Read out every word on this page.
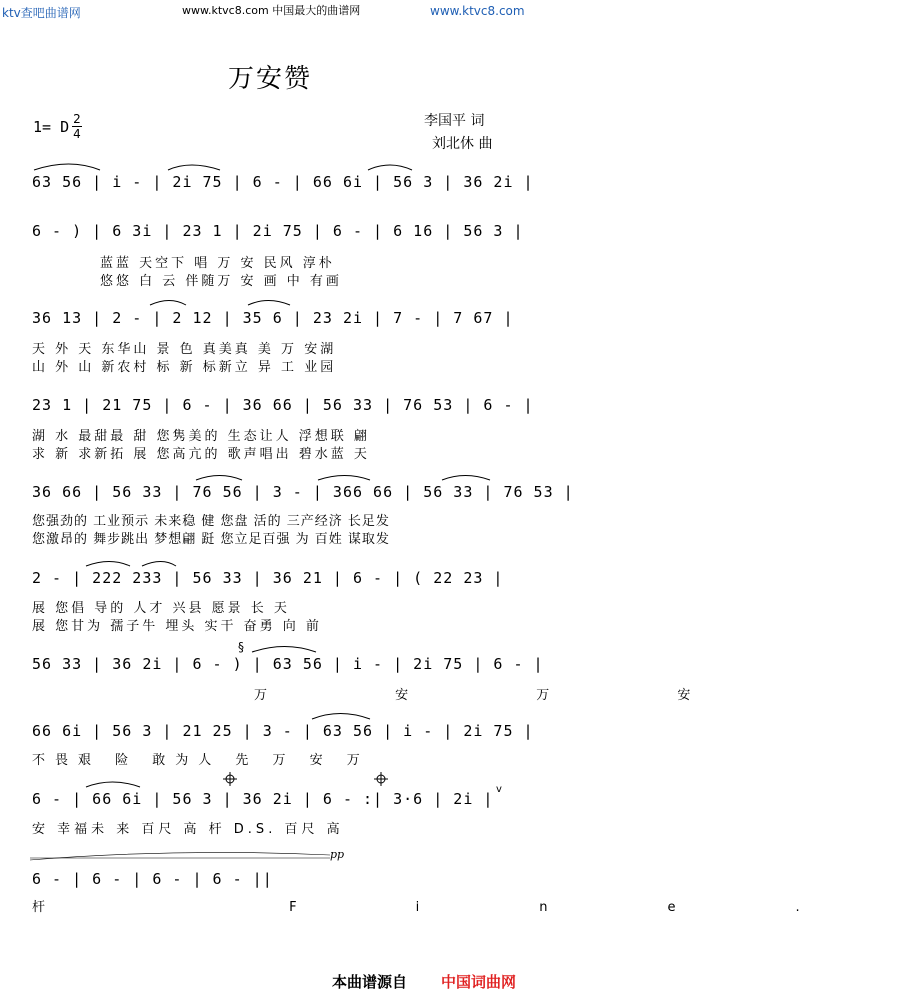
ktv查吧曲谱网	www.ktvc8.com 中国最大的曲谱网	www.ktvc8.com
万安赞
1= D 2
4
李国平 词
刘北休 曲
63 56 | i - | 2i 75 | 6 - | 66 6i | 56 3 | 36 2i |
6 - ) | 6 3i | 23 1 | 2i 75 | 6 - | 6 16 | 56 3 |
蓝蓝 天空下 唱 万 安 民风 淳朴
悠悠 白 云 伴随万 安 画 中 有画
36 13 | 2 - | 2 12 | 35 6 | 23 2i | 7 - | 7 67 |
天 外 天 东华山 景 色 真美真 美 万 安湖
山 外 山 新农村 标 新 标新立 异 工 业园
23 1 | 21 75 | 6 - | 36 66 | 56 33 | 76 53 | 6 - |
湖 水 最甜最 甜 您隽美的 生态让人 浮想联 翩
求 新 求新拓 展 您高亢的 歌声唱出 碧水蓝 天
36 66 | 56 33 | 76 56 | 3 - | 366 66 | 56 33 | 76 53 |
您强劲的 工业预示 未来稳 健 您盘 活的 三产经济 长足发
您激昂的 舞步跳出 梦想翩 跹 您立足百强 为 百姓 谋取发
2 - | 222 233 | 56 33 | 36 21 | 6 - | ( 22 23 |
展 您倡 导的 人才 兴县 愿景 长 天
展 您甘为 孺子牛 埋头 实干 奋勇 向 前
56 33 | 36 2i | 6 - ) | 63 56 | i - | 2i 75 | 6 - |
万 安 万 安
66 6i | 56 3 | 21 25 | 3 - | 63 56 | i - | 2i 75 |
不畏艰 险 敢为人 先 万 安 万
6 - | 66 6i | 56 3 | 36 2i | 6 - :| 3·6 | 2i |
安 幸福未 来 百尺 高 杆 D.S. 百尺 高
pp
6 - | 6 - | 6 - | 6 - ||
杆 Fine.
本曲谱源自 中国词曲网
§
v
